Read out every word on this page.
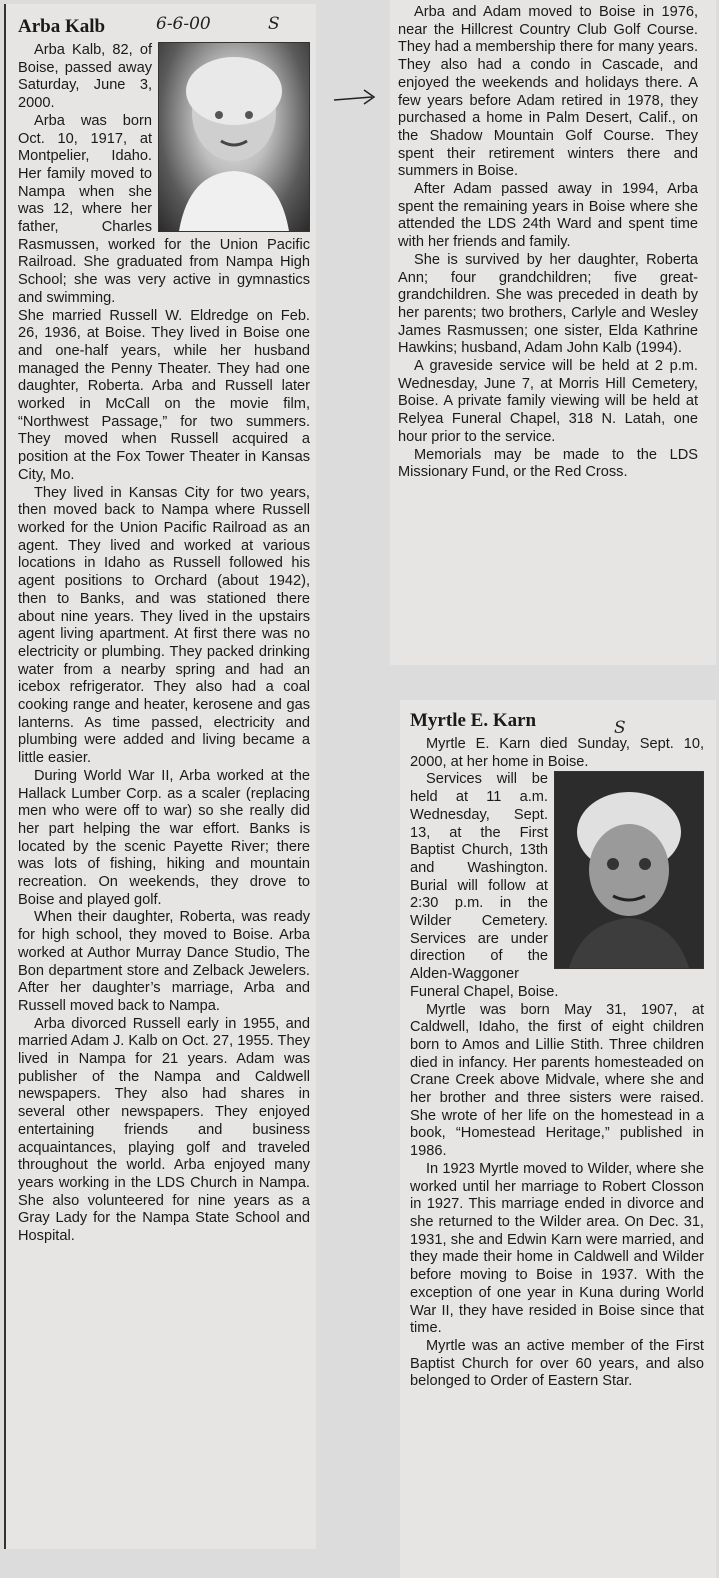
Arba Kalb

Arba Kalb, 82, of Boise, passed away Saturday, June 3, 2000.

Arba was born Oct. 10, 1917, at Montpelier, Idaho. Her family moved to Nampa when she was 12, where her father, Charles Rasmussen, worked for the Union Pacific Railroad. She graduated from Nampa High School; she was very active in gymnastics and swimming.

She married Russell W. Eldredge on Feb. 26, 1936, at Boise. They lived in Boise one and one-half years, while her husband managed the Penny Theater. They had one daughter, Roberta. Arba and Russell later worked in McCall on the movie film, “Northwest Passage,” for two summers. They moved when Russell acquired a position at the Fox Tower Theater in Kansas City, Mo.

They lived in Kansas City for two years, then moved back to Nampa where Russell worked for the Union Pacific Railroad as an agent. They lived and worked at various locations in Idaho as Russell followed his agent positions to Orchard (about 1942), then to Banks, and was stationed there about nine years. They lived in the upstairs agent living apartment. At first there was no electricity or plumbing. They packed drinking water from a nearby spring and had an icebox refrigerator. They also had a coal cooking range and heater, kerosene and gas lanterns. As time passed, electricity and plumbing were added and living became a little easier.

During World War II, Arba worked at the Hallack Lumber Corp. as a scaler (replacing men who were off to war) so she really did her part helping the war effort. Banks is located by the scenic Payette River; there was lots of fishing, hiking and mountain recreation. On weekends, they drove to Boise and played golf.

When their daughter, Roberta, was ready for high school, they moved to Boise. Arba worked at Author Murray Dance Studio, The Bon department store and Zelback Jewelers. After her daughter’s marriage, Arba and Russell moved back to Nampa.

Arba divorced Russell early in 1955, and married Adam J. Kalb on Oct. 27, 1955. They lived in Nampa for 21 years. Adam was publisher of the Nampa and Caldwell newspapers. They also had shares in several other newspapers. They enjoyed entertaining friends and business acquaintances, playing golf and traveled throughout the world. Arba enjoyed many years working in the LDS Church in Nampa. She also volunteered for nine years as a Gray Lady for the Nampa State School and Hospital.

6-6-00	S

Arba and Adam moved to Boise in 1976, near the Hillcrest Country Club Golf Course. They had a membership there for many years. They also had a condo in Cascade, and enjoyed the weekends and holidays there. A few years before Adam retired in 1978, they purchased a home in Palm Desert, Calif., on the Shadow Mountain Golf Course. They spent their retirement winters there and summers in Boise.

After Adam passed away in 1994, Arba spent the remaining years in Boise where she attended the LDS 24th Ward and spent time with her friends and family.

She is survived by her daughter, Roberta Ann; four grandchildren; five great-grandchildren. She was preceded in death by her parents; two brothers, Carlyle and Wesley James Rasmussen; one sister, Elda Kathrine Hawkins; husband, Adam John Kalb (1994).

A graveside service will be held at 2 p.m. Wednesday, June 7, at Morris Hill Cemetery, Boise. A private family viewing will be held at Relyea Funeral Chapel, 318 N. Latah, one hour prior to the service.

Memorials may be made to the LDS Missionary Fund, or the Red Cross.

Myrtle E. Karn

Myrtle E. Karn died Sunday, Sept. 10, 2000, at her home in Boise.

Services will be held at 11 a.m. Wednesday, Sept. 13, at the First Baptist Church, 13th and Washington. Burial will follow at 2:30 p.m. in the Wilder Cemetery. Services are under direction of the Alden-Waggoner Funeral Chapel, Boise.

Myrtle was born May 31, 1907, at Caldwell, Idaho, the first of eight children born to Amos and Lillie Stith. Three children died in infancy. Her parents homesteaded on Crane Creek above Midvale, where she and her brother and three sisters were raised. She wrote of her life on the homestead in a book, “Homestead Heritage,” published in 1986.

In 1923 Myrtle moved to Wilder, where she worked until her marriage to Robert Closson in 1927. This marriage ended in divorce and she returned to the Wilder area. On Dec. 31, 1931, she and Edwin Karn were married, and they made their home in Caldwell and Wilder before moving to Boise in 1937. With the exception of one year in Kuna during World War II, they have resided in Boise since that time.

Myrtle was an active member of the First Baptist Church for over 60 years, and also belonged to Order of Eastern Star.

S
